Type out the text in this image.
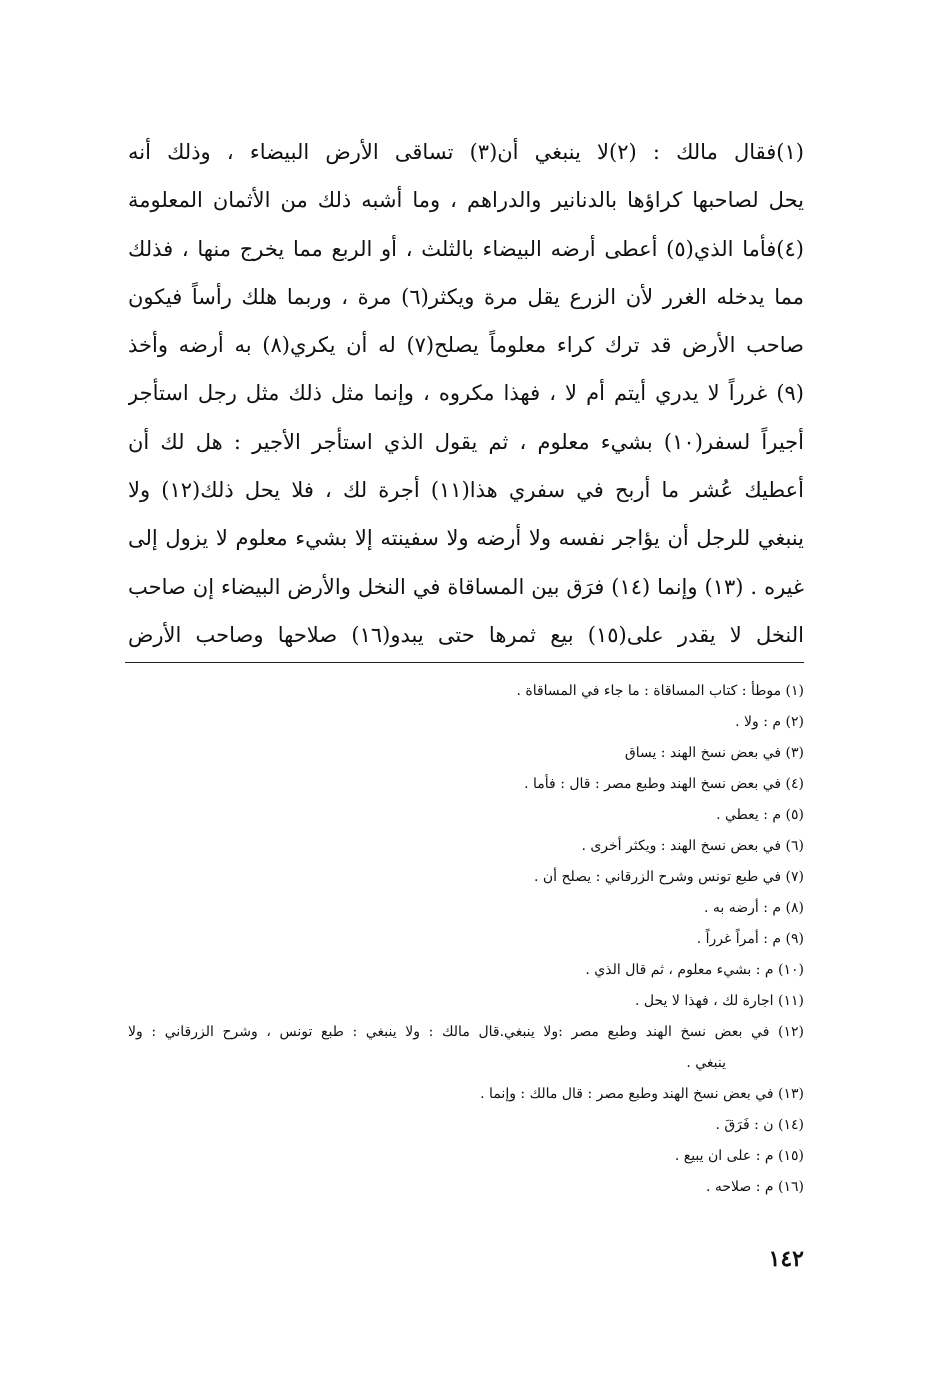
(١)فقال مالك : (٢)لا ينبغي أن(٣) تساقى الأرض البيضاء ، وذلك أنه
يحل لصاحبها كراؤها بالدنانير والدراهم ، وما أشبه ذلك من الأثمان المعلومة
(٤)فأما الذي(٥) أعطى أرضه البيضاء بالثلث ، أو الربع مما يخرج منها ، فذلك
مما يدخله الغرر لأن الزرع يقل مرة ويكثر(٦) مرة ، وربما هلك رأساً فيكون
صاحب الأرض قد ترك كراء معلوماً يصلح(٧) له أن يكري(٨) به أرضه وأخذ
(٩) غرراً لا يدري أيتم أم لا ، فهذا مكروه ، وإنما مثل ذلك مثل رجل استأجر
أجيراً لسفر(١٠) بشيء معلوم ، ثم يقول الذي استأجر الأجير : هل لك أن
أعطيك عُشر ما أربح في سفري هذا(١١) أجرة لك ، فلا يحل ذلك(١٢) ولا
ينبغي للرجل أن يؤاجر نفسه ولا أرضه ولا سفينته إلا بشيء معلوم لا يزول إلى
غيره . (١٣) وإنما (١٤) فرَق بين المساقاة في النخل والأرض البيضاء إن صاحب
النخل لا يقدر على(١٥) بيع ثمرها حتى يبدو(١٦) صلاحها وصاحب الأرض
(١) موطأ : كتاب المساقاة : ما جاء في المساقاة .
(٢) م : ولا .
(٣) في بعض نسخ الهند : يساق
(٤) في بعض نسخ الهند وطبع مصر : قال : فأما .
(٥) م : يعطي .
(٦) في بعض نسخ الهند : ويكثر أخرى .
(٧) في طبع تونس وشرح الزرقاني : يصلح أن .
(٨) م : أرضه به .
(٩) م : أمراً غرراً .
(١٠) م : بشيء معلوم ، ثم قال الذي .
(١١) اجارة لك ، فهذا لا يحل .
(١٢) في بعض نسخ الهند وطبع مصر :ولا ينبغي.قال مالك : ولا ينبغي : طبع تونس ، وشرح الزرقاني : ولا
ينبغي .
(١٣) في بعض نسخ الهند وطبع مصر : قال مالك : وإنما .
(١٤) ن : فَرَقَ .
(١٥) م : على ان يبيع .
(١٦) م : صلاحه .
١٤٢
